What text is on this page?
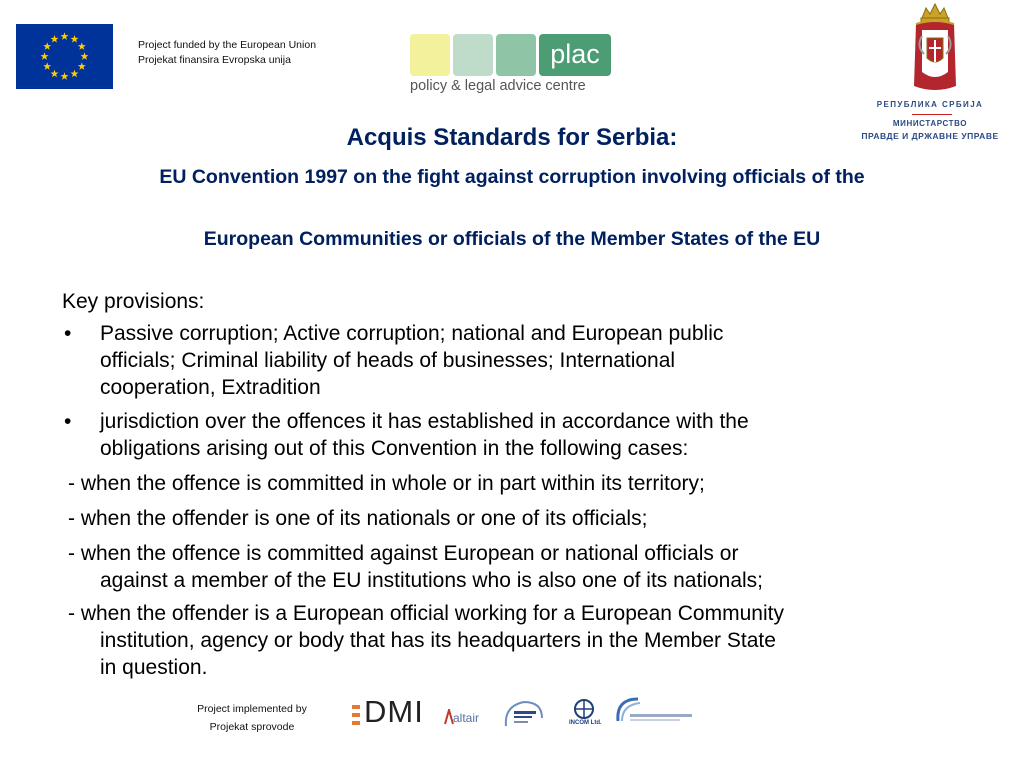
Project funded by the European Union
Projekat finansira Evropska unija	plac
policy & legal advice centre
РЕПУБЛИКА СРБИЈА
МИНИСТАРСТВО
ПРАВДЕ И ДРЖАВНЕ УПРАВЕ
Acquis Standards for Serbia:
EU Convention 1997 on the fight against corruption involving officials of the
European Communities or officials of the Member States of the EU
Key provisions:
• Passive corruption; Active corruption; national and European public
officials; Criminal liability of heads of businesses; International
cooperation, Extradition
• jurisdiction over the offences it has established in accordance with the
obligations arising out of this Convention in the following cases:
- when the offence is committed in whole or in part within its territory;
- when the offender is one of its nationals or one of its officials;
- when the offence is committed against European or national officials or
against a member of the EU institutions who is also one of its nationals;
- when the offender is a European official working for a European Community
institution, agency or body that has its headquarters in the Member State
in question.
Project implemented by
Projekat sprovode	DMI altair	INCOM Ltd.
